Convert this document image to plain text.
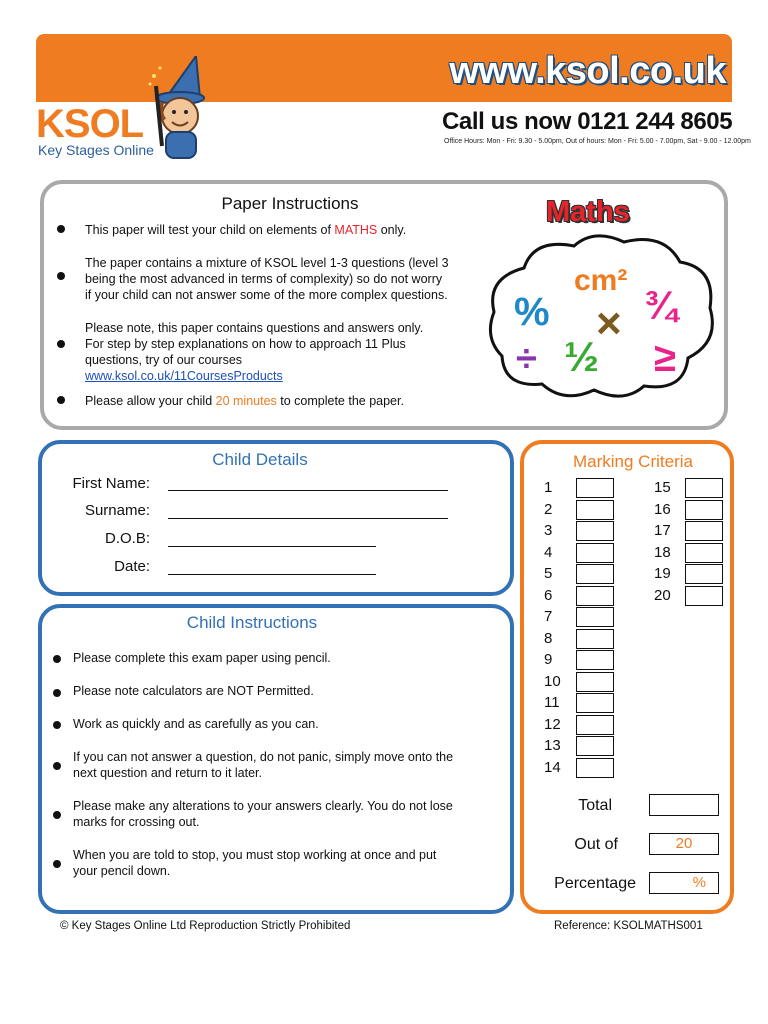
www.ksol.co.uk
Call us now 0121 244 8605
Office Hours: Mon - Fri: 9.30 - 5.00pm, Out of hours: Mon - Fri: 5.00 - 7.00pm, Sat - 9.00 - 12.00pm
KSOL
Key Stages Online
Paper Instructions
This paper will test your child on elements of MATHS only.
The paper contains a mixture of KSOL level 1-3 questions (level 3
being the most advanced in terms of complexity) so do not worry
if your child can not answer some of the more complex questions.
Please note, this paper contains questions and answers only.
For step by step explanations on how to approach 11 Plus
questions, try of our courses
www.ksol.co.uk/11CoursesProducts
Please allow your child 20 minutes to complete the paper.
Maths
%
cm²
¾
×
÷ ½ ≥
Child Details
First Name:
Surname:
D.O.B:
Date:
Child Instructions
Please complete this exam paper using pencil.
Please note calculators are NOT Permitted.
Work as quickly and as carefully as you can.
If you can not answer a question, do not panic, simply move onto the
next question and return to it later.
Please make any alterations to your answers clearly. You do not lose
marks for crossing out.
When you are told to stop, you must stop working at once and put
your pencil down.
Marking Criteria
1
2
3
4
5
6
7
8
9
10
11
12
13
14
15
16
17
18
19
20
Total
Out of	20
Percentage	%
© Key Stages Online Ltd Reproduction Strictly Prohibited	Reference: KSOLMATHS001
